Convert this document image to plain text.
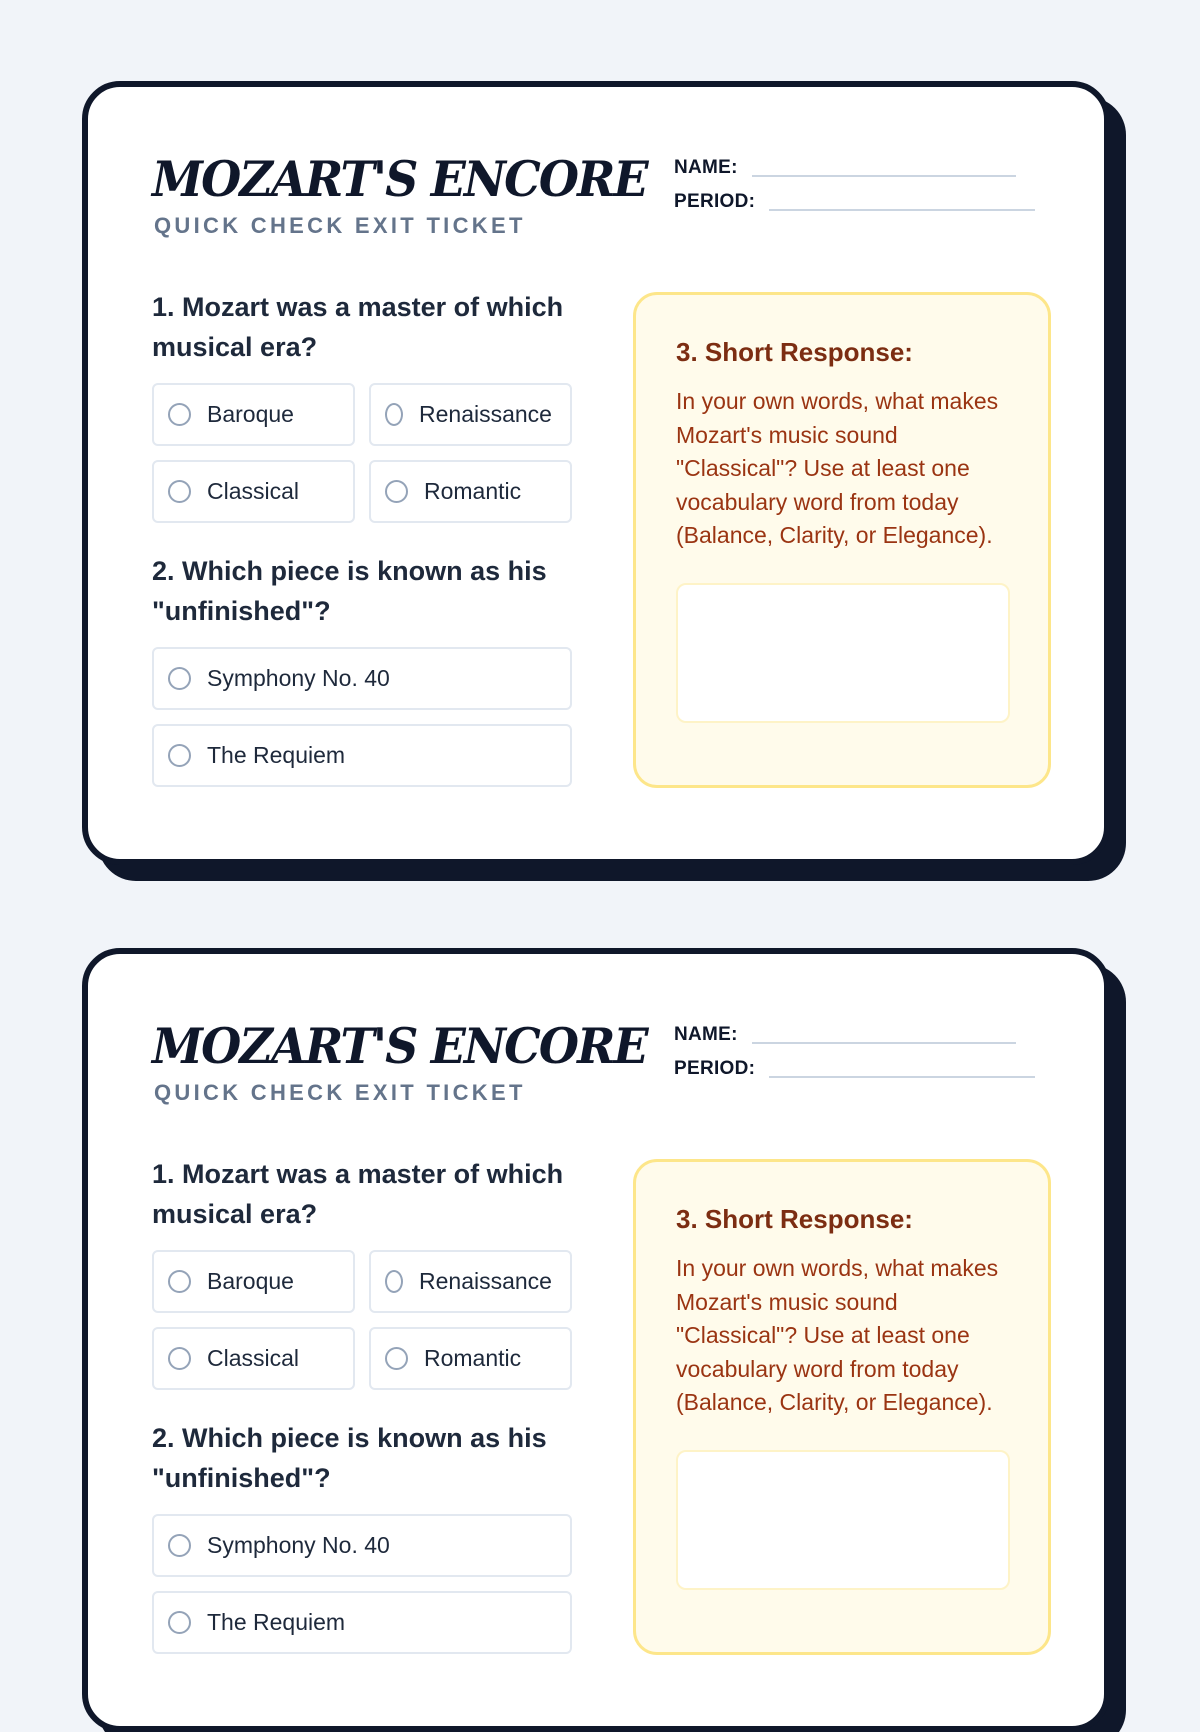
MOZART'S ENCORE
QUICK CHECK EXIT TICKET
NAME:
PERIOD:

1. Mozart was a master of which musical era?

Baroque	Renaissance
Classical	Romantic

2. Which piece is known as his "unfinished"?

Symphony No. 40
The Requiem
3. Short Response:

In your own words, what makes Mozart's music sound "Classical"? Use at least one vocabulary word from today (Balance, Clarity, or Elegance).

MOZART'S ENCORE
QUICK CHECK EXIT TICKET
NAME:
PERIOD:

1. Mozart was a master of which musical era?

Baroque	Renaissance
Classical	Romantic

2. Which piece is known as his "unfinished"?

Symphony No. 40
The Requiem
3. Short Response:

In your own words, what makes Mozart's music sound "Classical"? Use at least one vocabulary word from today (Balance, Clarity, or Elegance).
